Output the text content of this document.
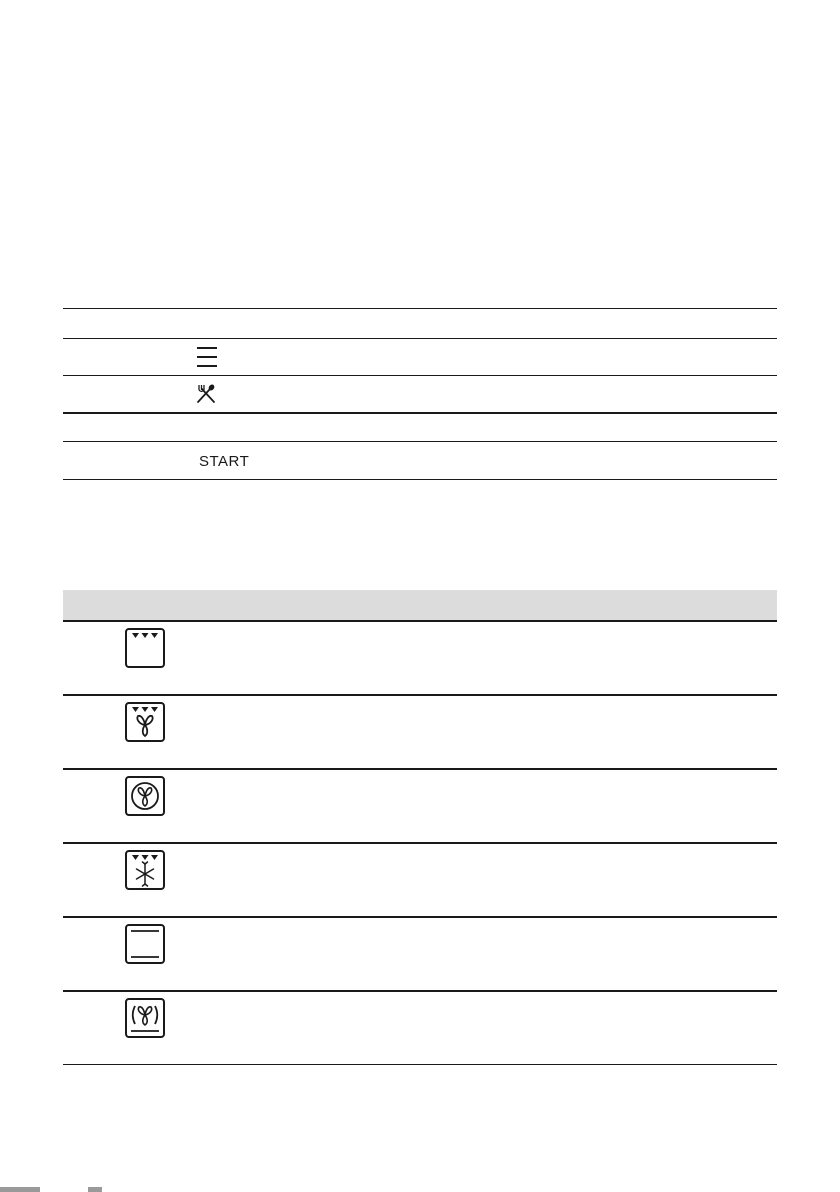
START
